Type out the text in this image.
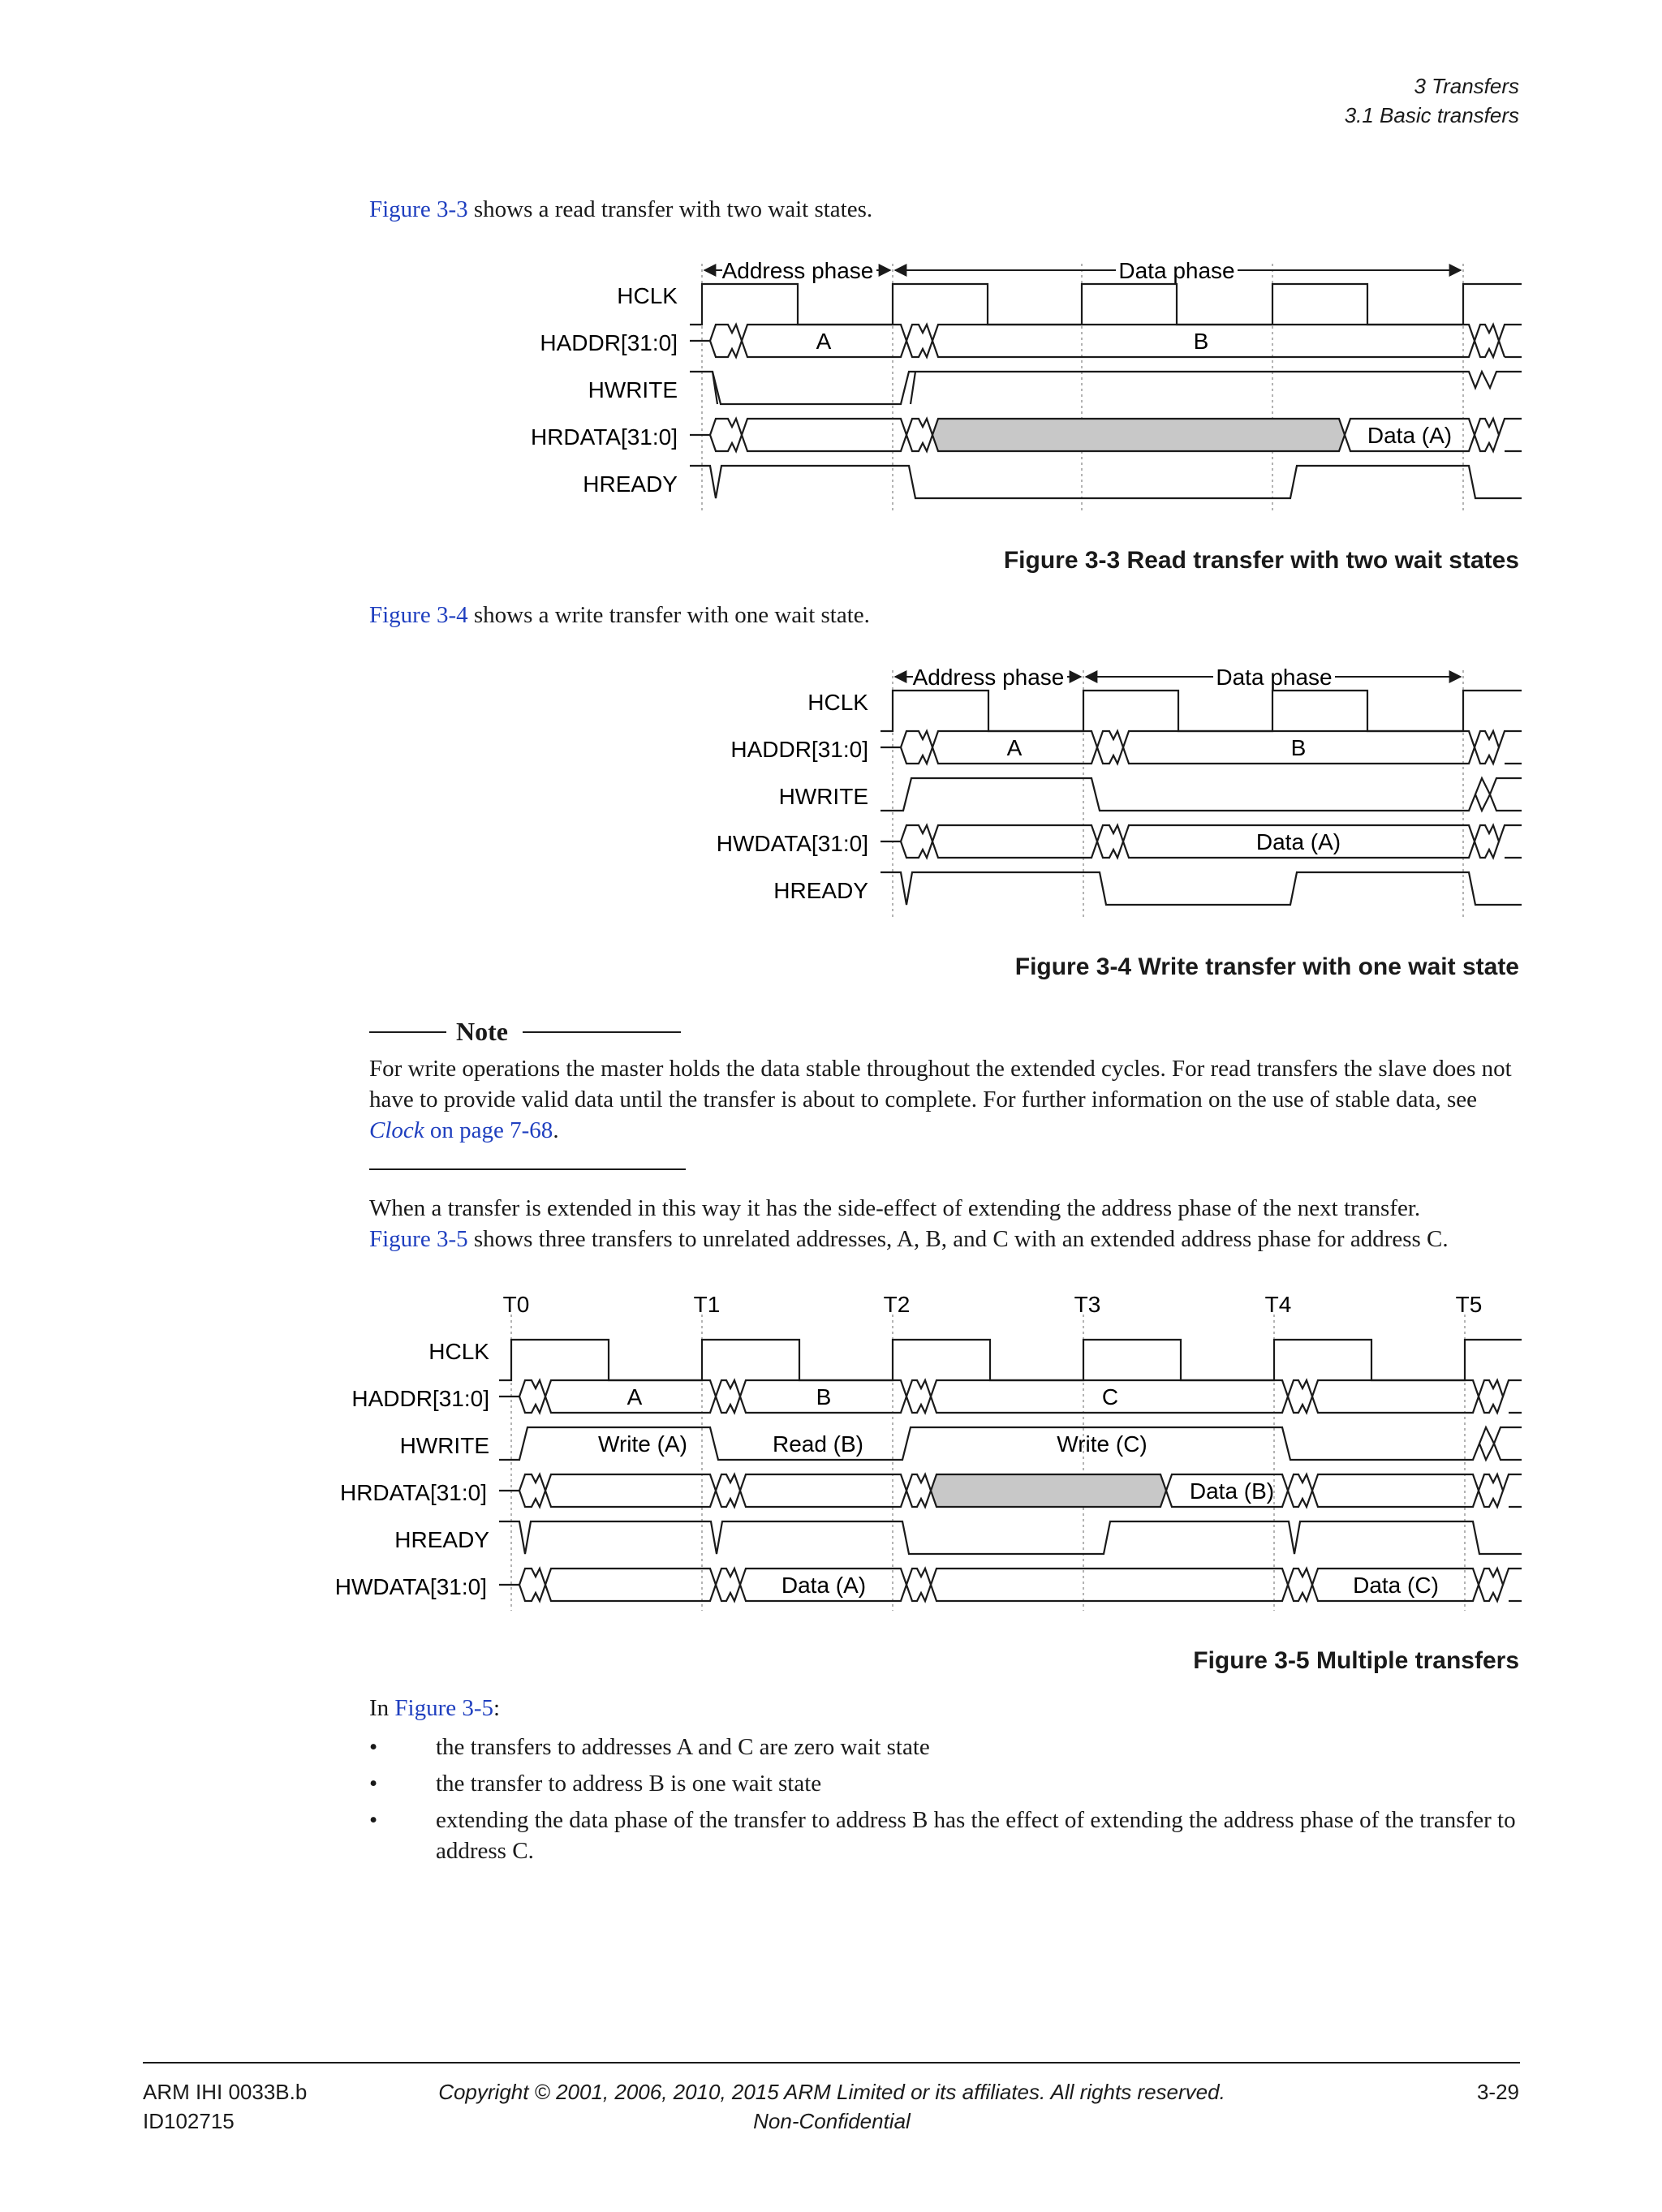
3 Transfers
3.1 Basic transfers
Figure 3-3 shows a read transfer with two wait states.
Address phase	Data phase
HCLK
HADDR[31:0]
HWRITE
HRDATA[31:0]
HREADY
A	B
Data (A)
Figure 3-3 Read transfer with two wait states
Figure 3-4 shows a write transfer with one wait state.
Address phase	Data phase
HCLK
HADDR[31:0]
HWRITE
HWDATA[31:0]
HREADY
A	B
Data (A)
Figure 3-4 Write transfer with one wait state
Note
For write operations the master holds the data stable throughout the extended cycles. For read transfers the slave does not have to provide valid data until the transfer is about to complete. For further information on the use of stable data, see Clock on page 7-68.
When a transfer is extended in this way it has the side-effect of extending the address phase of the next transfer.
Figure 3-5 shows three transfers to unrelated addresses, A, B, and C with an extended address phase for address C.
T0	T1	T2	T3	T4	T5
HCLK
HADDR[31:0]
HWRITE
HRDATA[31:0]
HREADY
HWDATA[31:0]
A	B	C
Write (A)	Read (B)	Write (C)
Data (B)
Data (A)	Data (C)
Figure 3-5 Multiple transfers
In Figure 3-5:
• the transfers to addresses A and C are zero wait state
• the transfer to address B is one wait state
• extending the data phase of the transfer to address B has the effect of extending the address phase of the transfer to address C.
ARM IHI 0033B.b
ID102715
Copyright © 2001, 2006, 2010, 2015 ARM Limited or its affiliates. All rights reserved.
Non-Confidential
3-29
